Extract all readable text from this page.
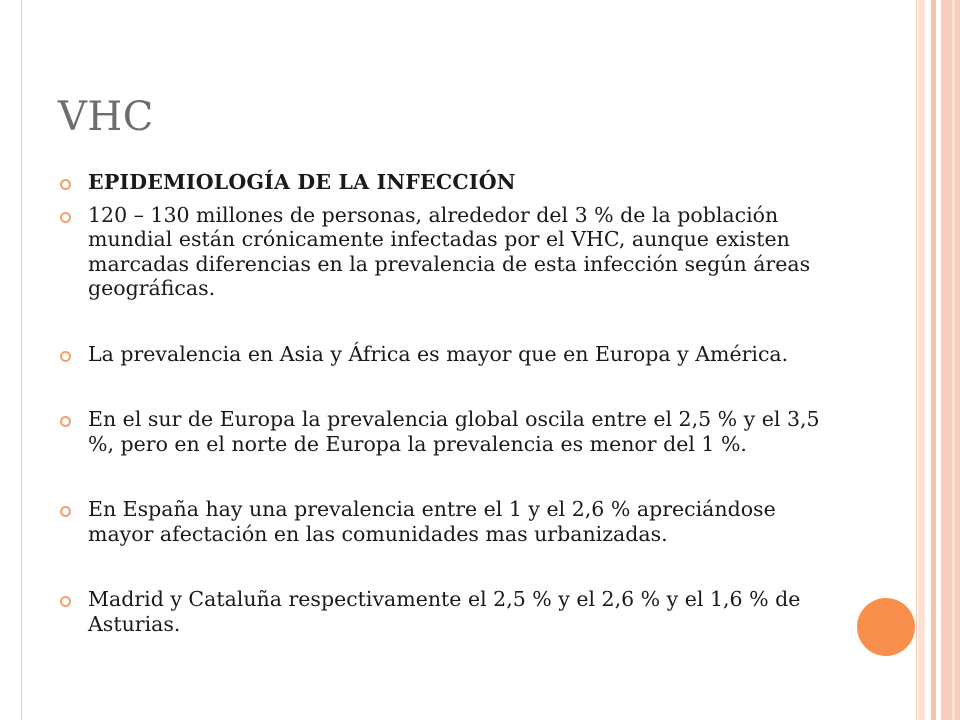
VHC
EPIDEMIOLOGÍA DE LA INFECCIÓN
120 – 130 millones de personas, alrededor del 3 % de la población mundial están crónicamente infectadas por el VHC, aunque existen marcadas diferencias en la prevalencia de esta infección según áreas geográficas.
La prevalencia en Asia y África es mayor que en Europa y América.
En el sur de Europa la prevalencia global oscila entre el 2,5 % y el 3,5 %, pero en el norte de Europa la prevalencia es menor del 1 %.
En España hay una prevalencia entre el 1 y el 2,6 % apreciándose mayor afectación en las comunidades mas urbanizadas.
Madrid y Cataluña respectivamente el 2,5 % y el 2,6 % y el 1,6 % de Asturias.
